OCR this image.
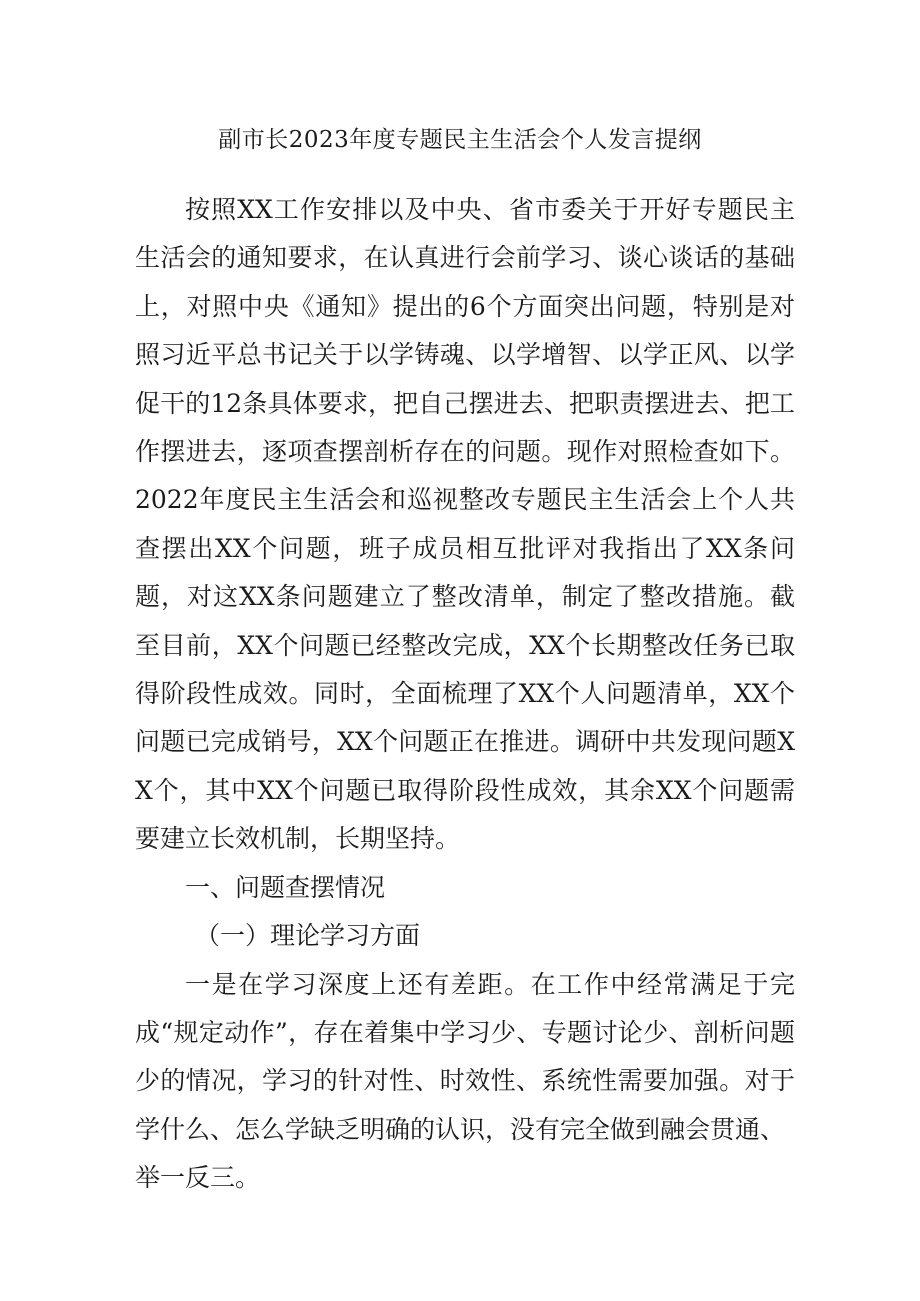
副市长2023年度专题民主生活会个人发言提纲

按照XX工作安排以及中央、省市委关于开好专题民主生活会的通知要求，在认真进行会前学习、谈心谈话的基础上，对照中央《通知》提出的6个方面突出问题，特别是对照习近平总书记关于以学铸魂、以学增智、以学正风、以学促干的12条具体要求，把自己摆进去、把职责摆进去、把工作摆进去，逐项查摆剖析存在的问题。现作对照检查如下。2022年度民主生活会和巡视整改专题民主生活会上个人共查摆出XX个问题，班子成员相互批评对我指出了XX条问题，对这XX条问题建立了整改清单，制定了整改措施。截至目前，XX个问题已经整改完成，XX个长期整改任务已取得阶段性成效。同时，全面梳理了XX个人问题清单，XX个问题已完成销号，XX个问题正在推进。调研中共发现问题XX个，其中XX个问题已取得阶段性成效，其余XX个问题需要建立长效机制，长期坚持。

一、问题查摆情况

（一）理论学习方面

一是在学习深度上还有差距。在工作中经常满足于完成“规定动作”，存在着集中学习少、专题讨论少、剖析问题少的情况，学习的针对性、时效性、系统性需要加强。对于学什么、怎么学缺乏明确的认识，没有完全做到融会贯通、

举一反三。
